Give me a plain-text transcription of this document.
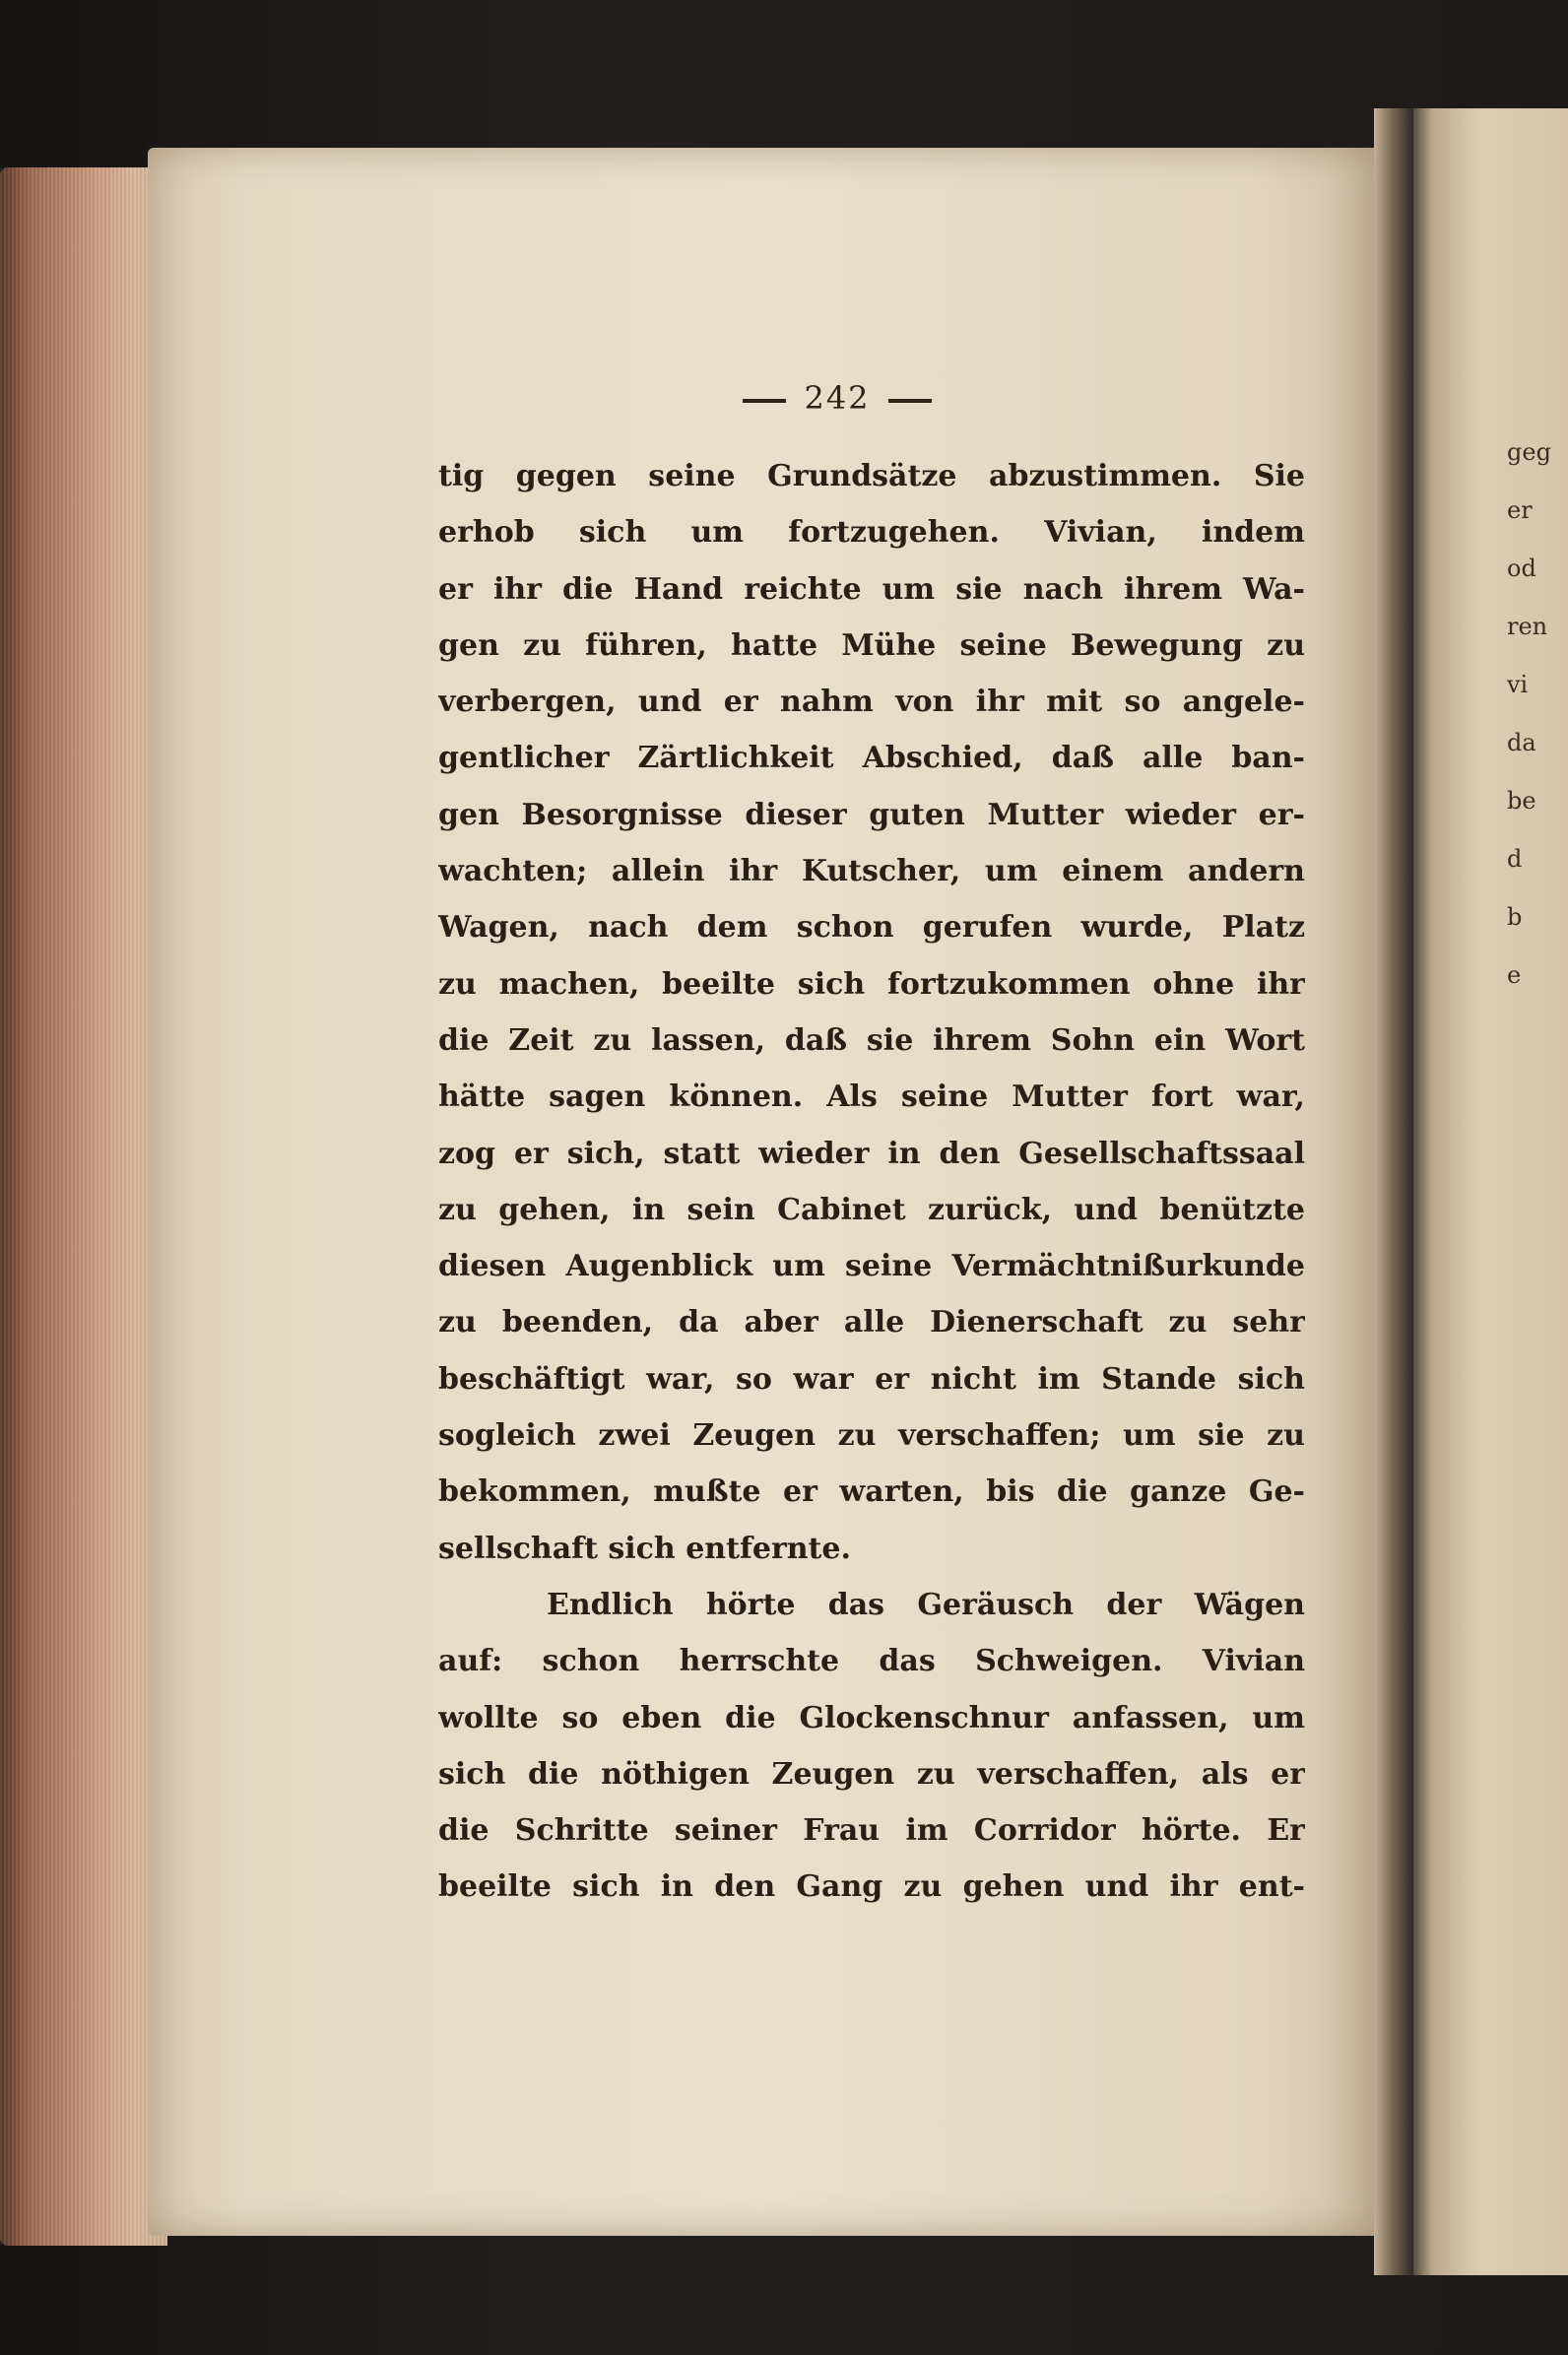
geg
er
od
ren
vi
da
be
d
b
e
242
tig gegen seine Grundsätze abzustimmen. Sie
erhob sich um fortzugehen. Vivian, indem
er ihr die Hand reichte um sie nach ihrem Wa-
gen zu führen, hatte Mühe seine Bewegung zu
verbergen, und er nahm von ihr mit so angele-
gentlicher Zärtlichkeit Abschied, daß alle ban-
gen Besorgnisse dieser guten Mutter wieder er-
wachten; allein ihr Kutscher, um einem andern
Wagen, nach dem schon gerufen wurde, Platz
zu machen, beeilte sich fortzukommen ohne ihr
die Zeit zu lassen, daß sie ihrem Sohn ein Wort
hätte sagen können. Als seine Mutter fort war,
zog er sich, statt wieder in den Gesellschaftssaal
zu gehen, in sein Cabinet zurück, und benützte
diesen Augenblick um seine Vermächtnißurkunde
zu beenden, da aber alle Dienerschaft zu sehr
beschäftigt war, so war er nicht im Stande sich
sogleich zwei Zeugen zu verschaffen; um sie zu
bekommen, mußte er warten, bis die ganze Ge-
sellschaft sich entfernte.
Endlich hörte das Geräusch der Wägen
auf: schon herrschte das Schweigen. Vivian
wollte so eben die Glockenschnur anfassen, um
sich die nöthigen Zeugen zu verschaffen, als er
die Schritte seiner Frau im Corridor hörte. Er
beeilte sich in den Gang zu gehen und ihr ent-
